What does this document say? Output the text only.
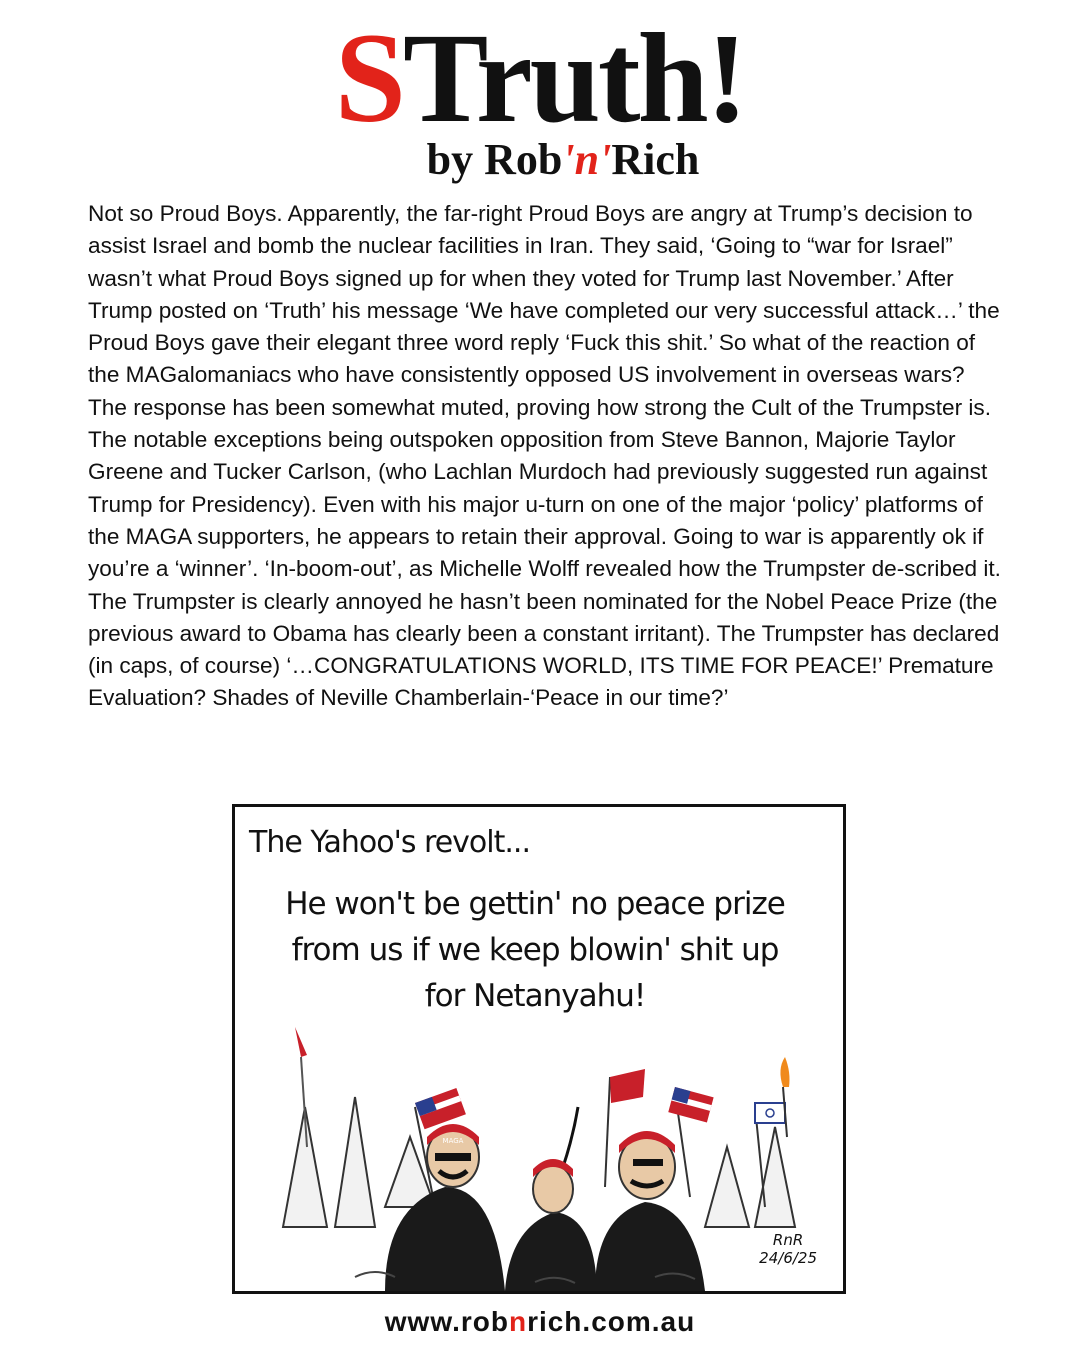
STruth!
by Rob'n'Rich

Not so Proud Boys. Apparently, the far-right Proud Boys are angry at Trump’s decision to assist Israel and bomb the nuclear facilities in Iran. They said, ‘Going to “war for Israel” wasn’t what Proud Boys signed up for when they voted for Trump last November.’ After Trump posted on ‘Truth’ his message ‘We have completed our very successful attack…’ the Proud Boys gave their elegant three word reply ‘Fuck this shit.’ So what of the reaction of the MAGalomaniacs who have consistently opposed US involvement in overseas wars? The response has been somewhat muted, proving how strong the Cult of the Trumpster is. The notable exceptions being outspoken opposition from Steve Bannon, Majorie Taylor Greene and Tucker Carlson, (who Lachlan Murdoch had previously suggested run against Trump for Presidency). Even with his major u-turn on one of the major ‘policy’ platforms of the MAGA supporters, he appears to retain their approval. Going to war is apparently ok if you’re a ‘winner’. ‘In-boom-out’, as Michelle Wolff revealed how the Trumpster de-scribed it. The Trumpster is clearly annoyed he hasn’t been nominated for the Nobel Peace Prize (the previous award to Obama has clearly been a constant irritant). The Trumpster has declared (in caps, of course) ‘…CONGRATULATIONS WORLD, ITS TIME FOR PEACE!’ Premature Evaluation? Shades of Neville Chamberlain-‘Peace in our time?’

MAGA
The Yahoo's revolt...
He won't be gettin' no peace prize from us if we keep blowin' shit up for Netanyahu!
RnR
24/6/25
www.robnrich.com.au
